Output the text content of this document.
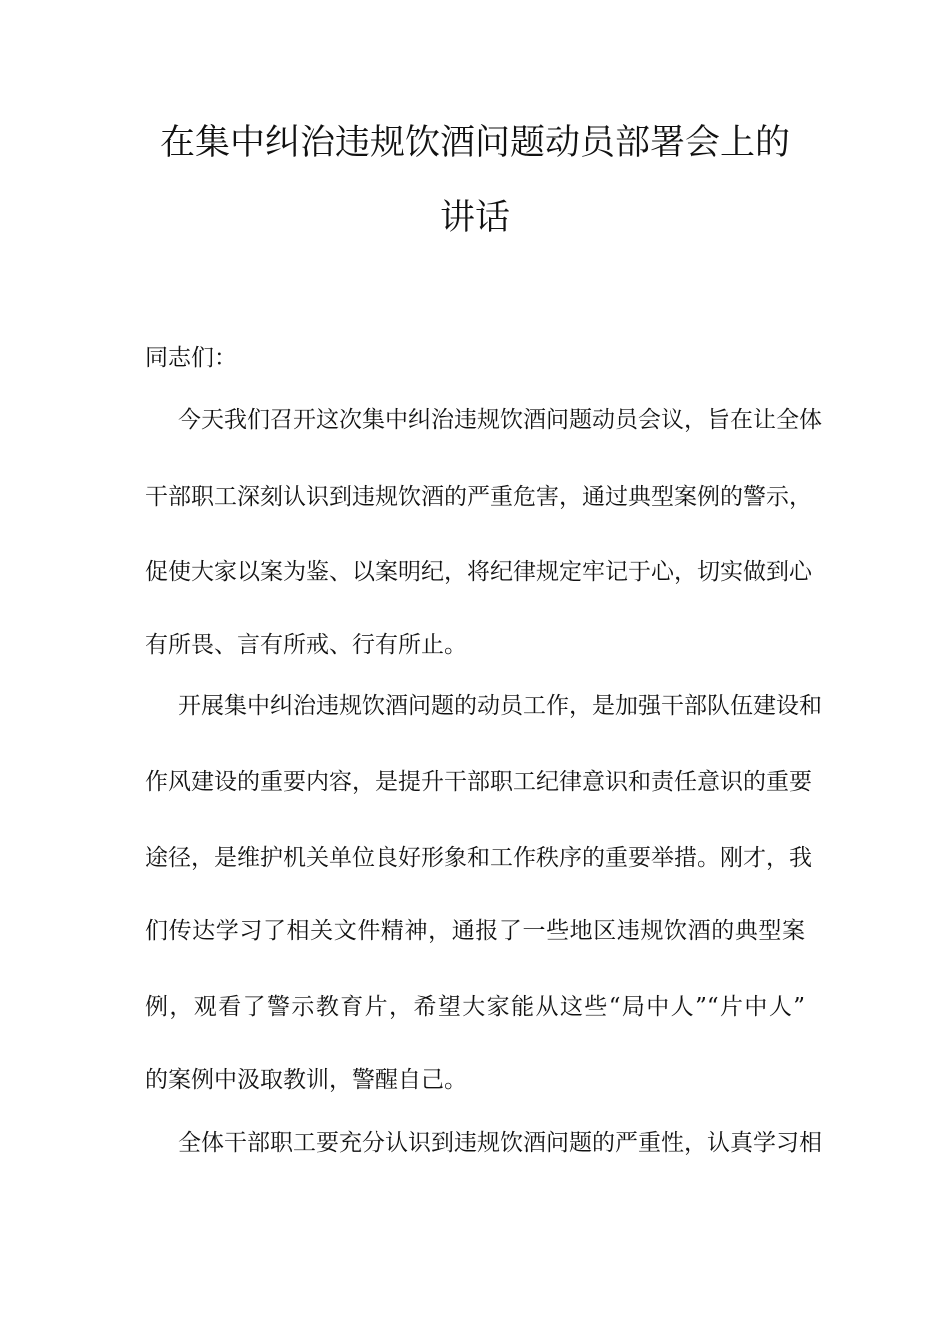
在集中纠治违规饮酒问题动员部署会上的
讲话
同志们：
今天我们召开这次集中纠治违规饮酒问题动员会议，旨在让全体
干部职工深刻认识到违规饮酒的严重危害，通过典型案例的警示，
促使大家以案为鉴、以案明纪，将纪律规定牢记于心，切实做到心
有所畏、言有所戒、行有所止。
开展集中纠治违规饮酒问题的动员工作，是加强干部队伍建设和
作风建设的重要内容，是提升干部职工纪律意识和责任意识的重要
途径，是维护机关单位良好形象和工作秩序的重要举措。刚才，我
们传达学习了相关文件精神，通报了一些地区违规饮酒的典型案
例，观看了警示教育片，希望大家能从这些“局中人”“片中人”
的案例中汲取教训，警醒自己。
全体干部职工要充分认识到违规饮酒问题的严重性，认真学习相
